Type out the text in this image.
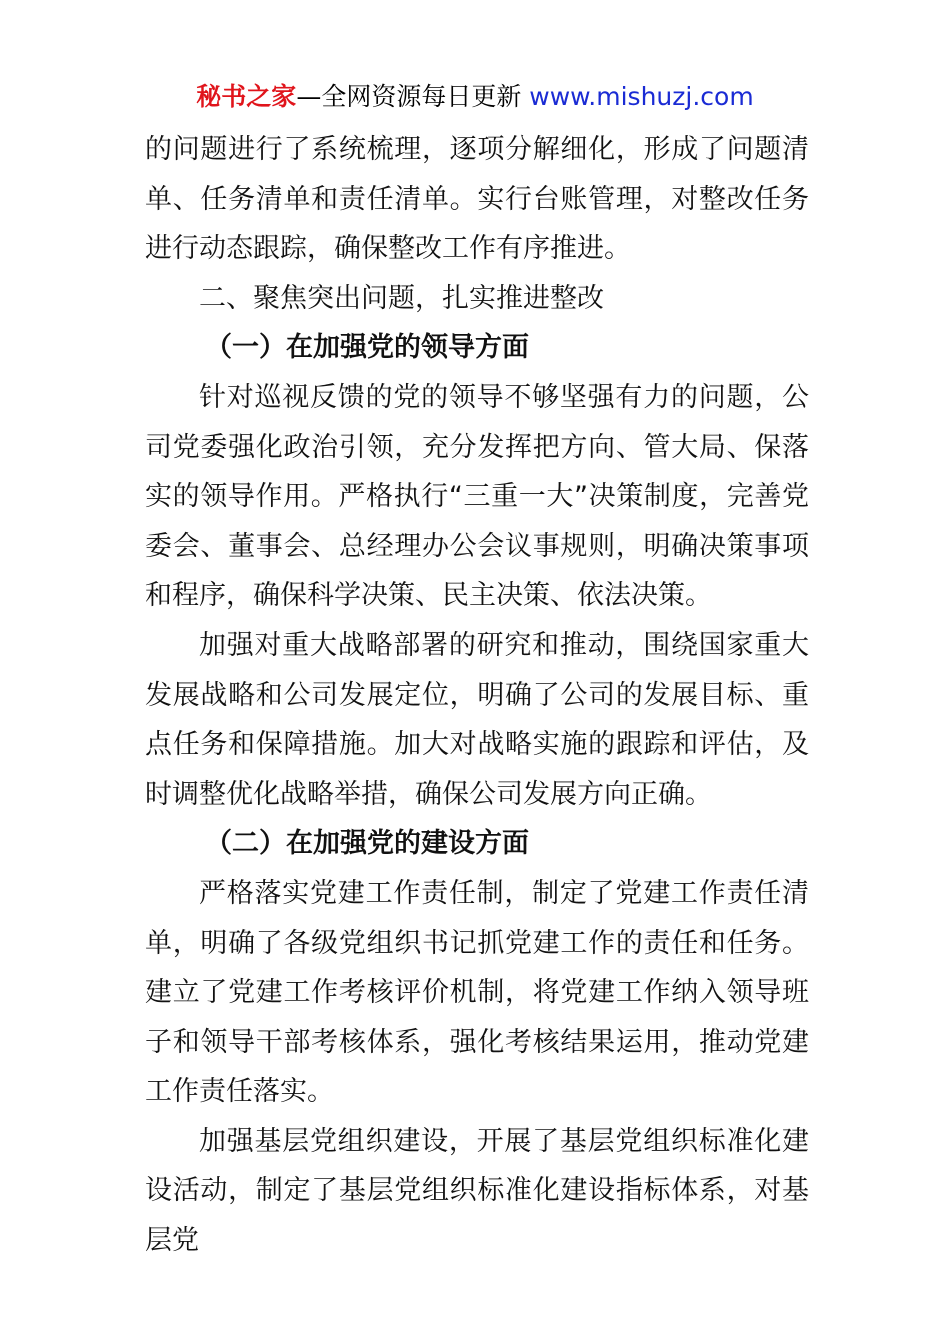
秘书之家—全网资源每日更新 www.mishuzj.com

的问题进行了系统梳理，逐项分解细化，形成了问题清单、任务清单和责任清单。实行台账管理，对整改任务进行动态跟踪，确保整改工作有序推进。

二、聚焦突出问题，扎实推进整改

（一）在加强党的领导方面

针对巡视反馈的党的领导不够坚强有力的问题，公司党委强化政治引领，充分发挥把方向、管大局、保落实的领导作用。严格执行“三重一大”决策制度，完善党委会、董事会、总经理办公会议事规则，明确决策事项和程序，确保科学决策、民主决策、依法决策。

加强对重大战略部署的研究和推动，围绕国家重大发展战略和公司发展定位，明确了公司的发展目标、重点任务和保障措施。加大对战略实施的跟踪和评估，及时调整优化战略举措，确保公司发展方向正确。

（二）在加强党的建设方面

严格落实党建工作责任制，制定了党建工作责任清单，明确了各级党组织书记抓党建工作的责任和任务。建立了党建工作考核评价机制，将党建工作纳入领导班子和领导干部考核体系，强化考核结果运用，推动党建工作责任落实。

加强基层党组织建设，开展了基层党组织标准化建设活动，制定了基层党组织标准化建设指标体系，对基层党
